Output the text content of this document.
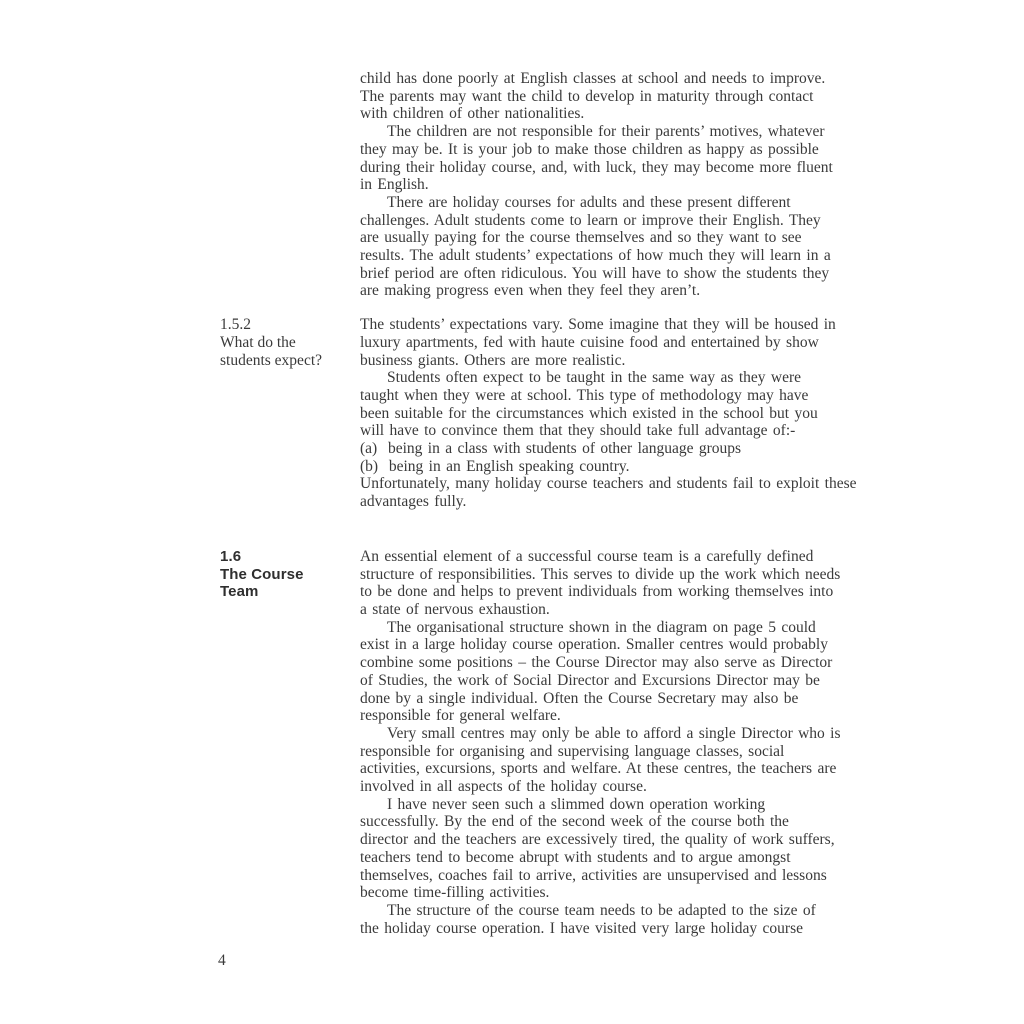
child has done poorly at English classes at school and needs to improve.
The parents may want the child to develop in maturity through contact
with children of other nationalities.
The children are not responsible for their parents’ motives, whatever
they may be. It is your job to make those children as happy as possible
during their holiday course, and, with luck, they may become more fluent
in English.
There are holiday courses for adults and these present different
challenges. Adult students come to learn or improve their English. They
are usually paying for the course themselves and so they want to see
results. The adult students’ expectations of how much they will learn in a
brief period are often ridiculous. You will have to show the students they
are making progress even when they feel they aren’t.
1.5.2
What do the
students expect?
The students’ expectations vary. Some imagine that they will be housed in
luxury apartments, fed with haute cuisine food and entertained by show
business giants. Others are more realistic.
Students often expect to be taught in the same way as they were
taught when they were at school. This type of methodology may have
been suitable for the circumstances which existed in the school but you
will have to convince them that they should take full advantage of:-
(a)  being in a class with students of other language groups
(b)  being in an English speaking country.
Unfortunately, many holiday course teachers and students fail to exploit these
advantages fully.
1.6
The Course
Team
An essential element of a successful course team is a carefully defined
structure of responsibilities. This serves to divide up the work which needs
to be done and helps to prevent individuals from working themselves into
a state of nervous exhaustion.
The organisational structure shown in the diagram on page 5 could
exist in a large holiday course operation. Smaller centres would probably
combine some positions – the Course Director may also serve as Director
of Studies, the work of Social Director and Excursions Director may be
done by a single individual. Often the Course Secretary may also be
responsible for general welfare.
Very small centres may only be able to afford a single Director who is
responsible for organising and supervising language classes, social
activities, excursions, sports and welfare. At these centres, the teachers are
involved in all aspects of the holiday course.
I have never seen such a slimmed down operation working
successfully. By the end of the second week of the course both the
director and the teachers are excessively tired, the quality of work suffers,
teachers tend to become abrupt with students and to argue amongst
themselves, coaches fail to arrive, activities are unsupervised and lessons
become time-filling activities.
The structure of the course team needs to be adapted to the size of
the holiday course operation. I have visited very large holiday course
4
